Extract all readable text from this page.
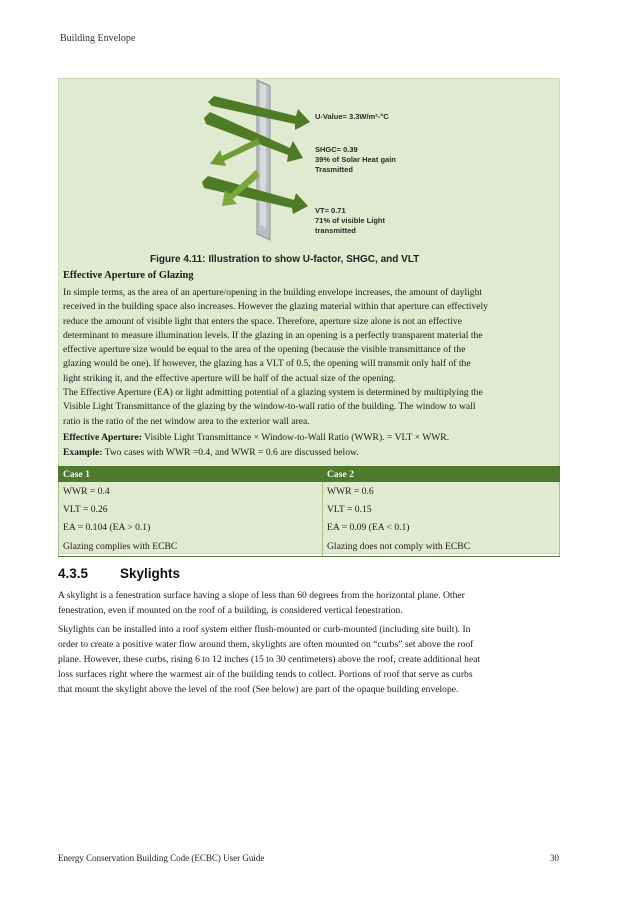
Building Envelope
U-Value= 3.3W/m²-°C
SHGC= 0.39
39% of Solar Heat gain
Trasmitted
VT= 0.71
71% of visible Light
transmitted
Figure 4.11: Illustration to show U-factor, SHGC, and VLT
Effective Aperture of Glazing
In simple terms, as the area of an aperture/opening in the building envelope increases, the amount of daylight
received in the building space also increases. However the glazing material within that aperture can effectively
reduce the amount of visible light that enters the space. Therefore, aperture size alone is not an effective
determinant to measure illumination levels. If the glazing in an opening is a perfectly transparent material the
effective aperture size would be equal to the area of the opening (because the visible transmittance of the
glazing would be one). If however, the glazing has a VLT of 0.5, the opening will transmit only half of the
light striking it, and the effective aperture will be half of the actual size of the opening.
The Effective Aperture (EA) or light admitting potential of a glazing system is determined by multiplying the
Visible Light Transmittance of the glazing by the window-to-wall ratio of the building. The window to wall
ratio is the ratio of the net window area to the exterior wall area.
Effective Aperture: Visible Light Transmittance × Window-to-Wall Ratio (WWR). = VLT × WWR.
Example: Two cases with WWR =0.4, and WWR = 0.6 are discussed below.
Case 1	Case 2
WWR = 0.4	WWR = 0.6
VLT = 0.26	VLT = 0.15
EA = 0.104 (EA > 0.1)	EA = 0.09 (EA < 0.1)
Glazing complies with ECBC	Glazing does not comply with ECBC
4.3.5 Skylights
A skylight is a fenestration surface having a slope of less than 60 degrees from the horizontal plane. Other
fenestration, even if mounted on the roof of a building, is considered vertical fenestration.
Skylights can be installed into a roof system either flush-mounted or curb-mounted (including site built). In
order to create a positive water flow around them, skylights are often mounted on “curbs” set above the roof
plane. However, these curbs, rising 6 to 12 inches (15 to 30 centimeters) above the roof, create additional heat
loss surfaces right where the warmest air of the building tends to collect. Portions of roof that serve as curbs
that mount the skylight above the level of the roof (See below) are part of the opaque building envelope.
Energy Conservation Building Code (ECBC) User Guide	30
